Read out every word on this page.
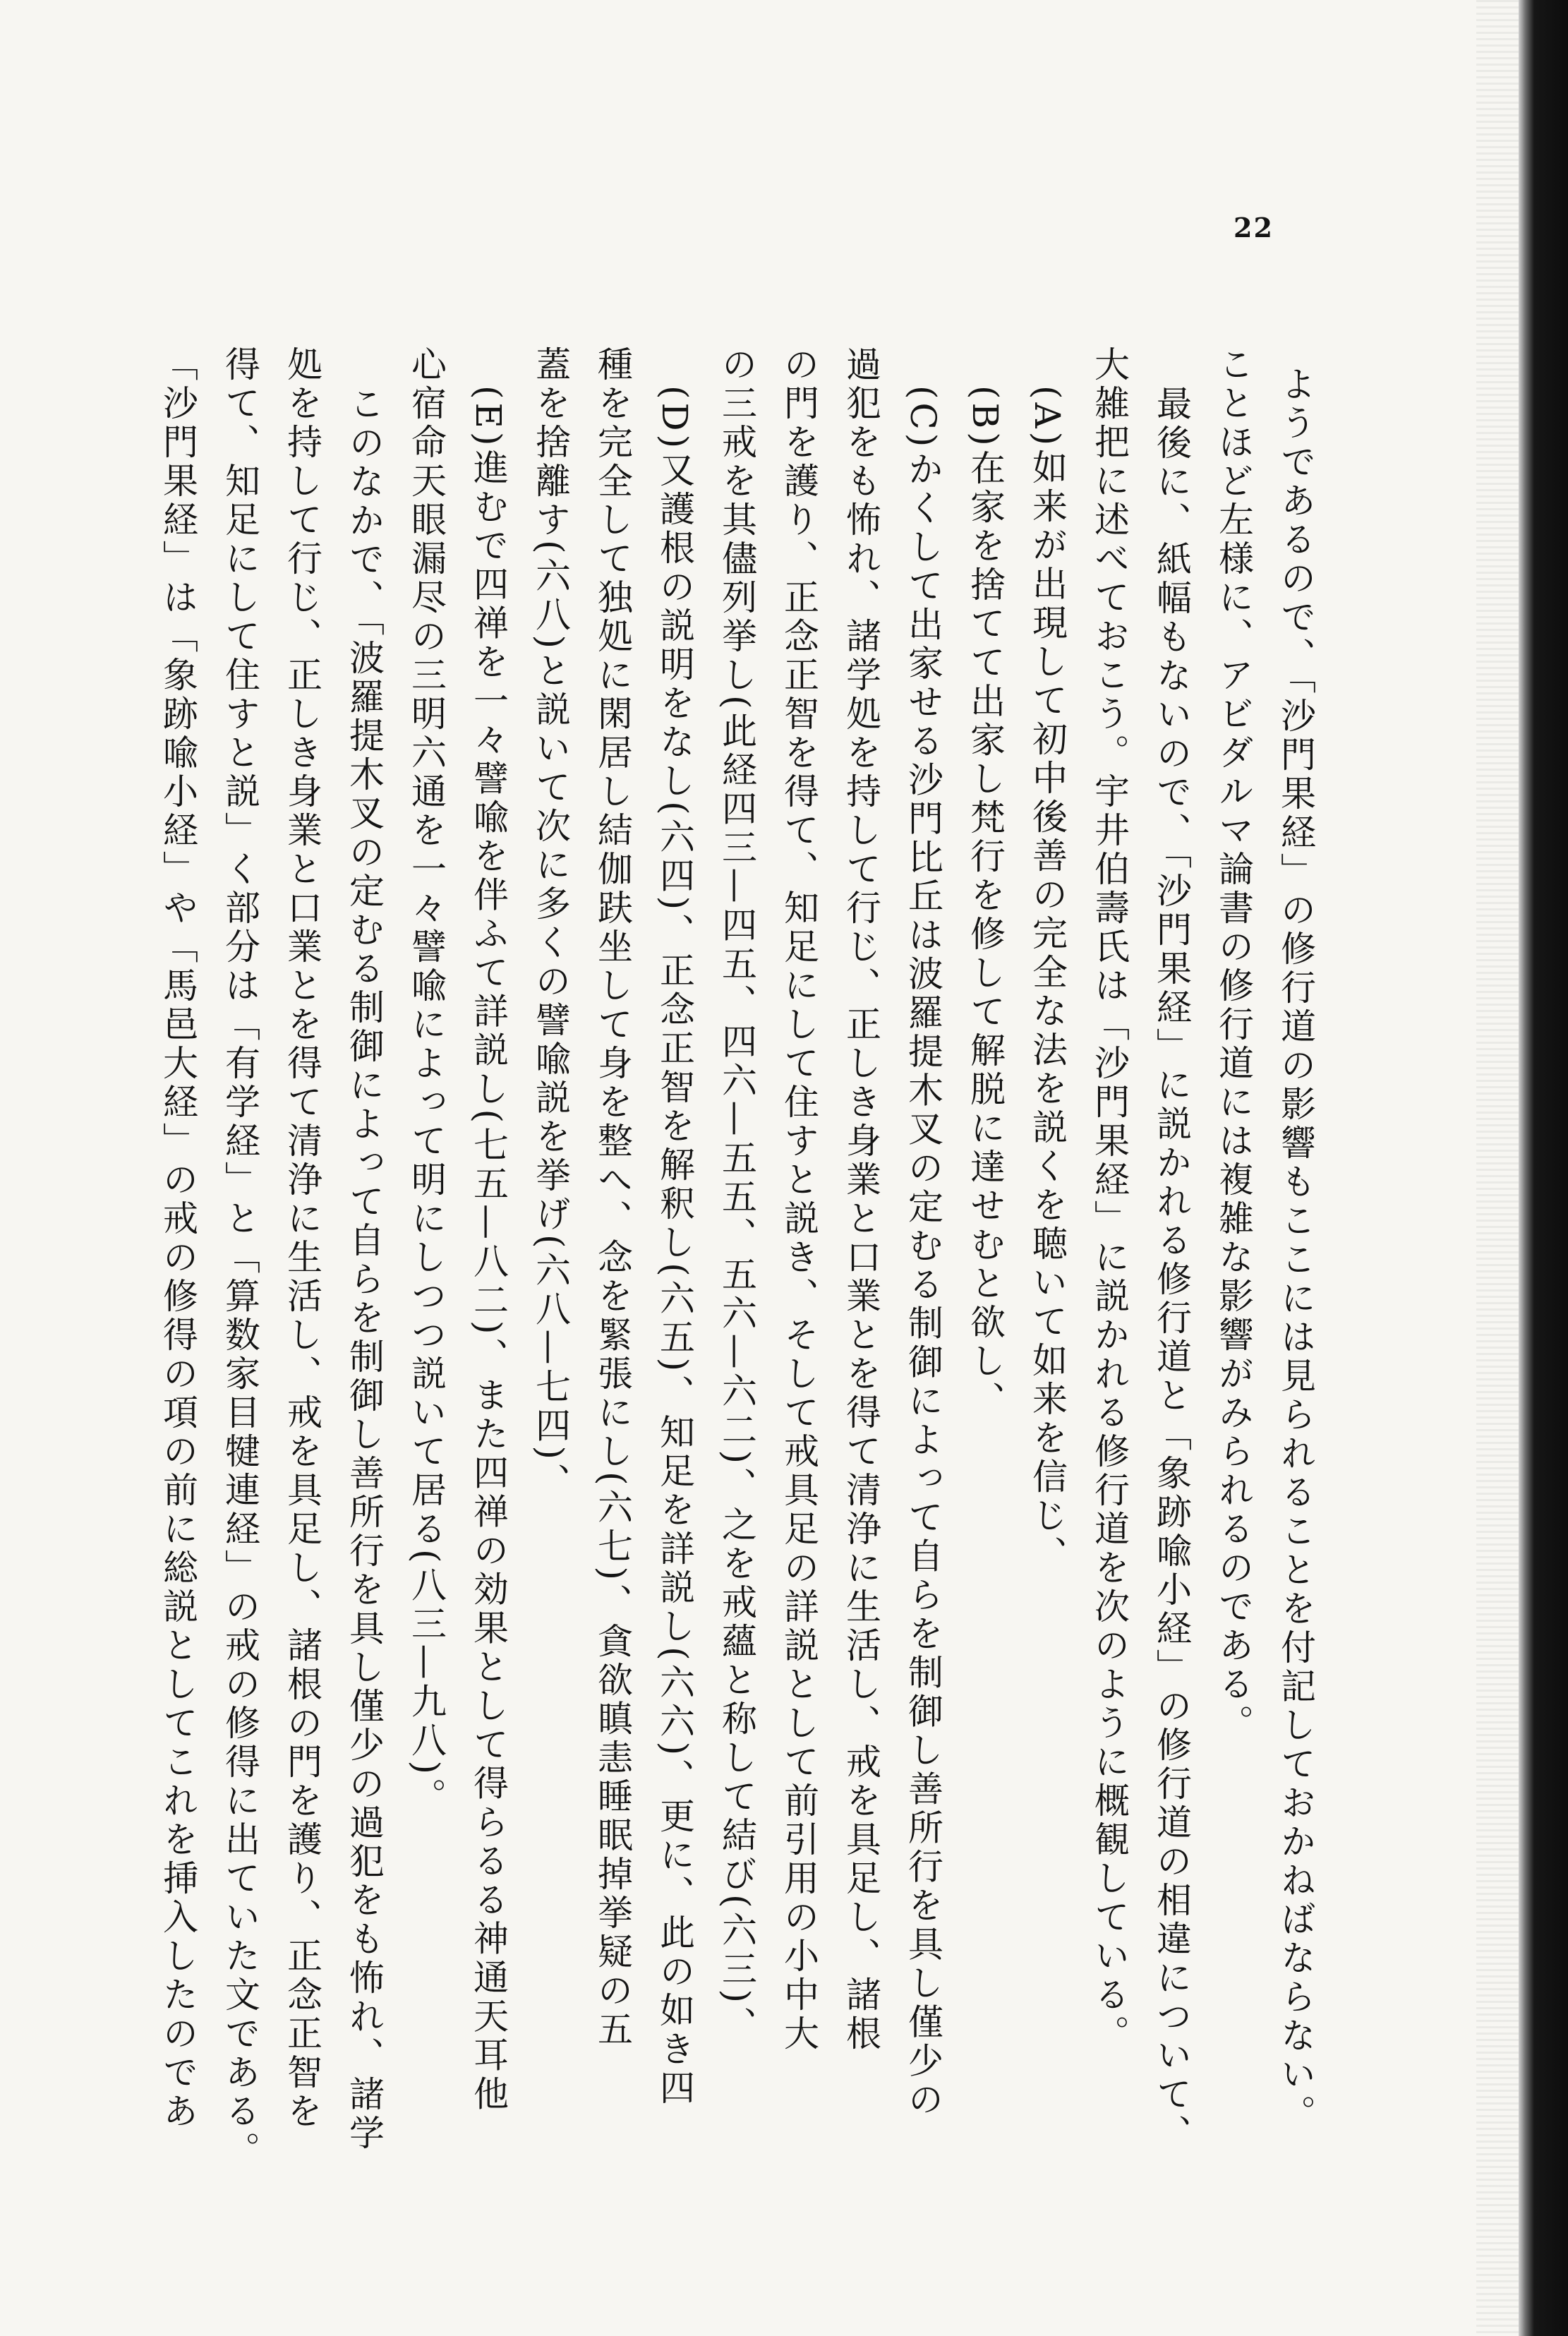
22

ようであるので、「沙門果経」の修行道の影響もここには見られることを付記しておかねばならない。

ことほど左様に、アビダルマ論書の修行道には複雑な影響がみられるのである。

最後に、紙幅もないので、「沙門果経」に説かれる修行道と「象跡喩小経」の修行道の相違について、

大雑把に述べておこう。宇井伯壽氏は「沙門果経」に説かれる修行道を次のように概観している。

(A)如来が出現して初中後善の完全な法を説くを聴いて如来を信じ、

(B)在家を捨てて出家し梵行を修して解脱に達せむと欲し、

(C)かくして出家せる沙門比丘は波羅提木叉の定むる制御によって自らを制御し善所行を具し僅少の

過犯をも怖れ、諸学処を持して行じ、正しき身業と口業とを得て清浄に生活し、戒を具足し、諸根

の門を護り、正念正智を得て、知足にして住すと説き、そして戒具足の詳説として前引用の小中大

の三戒を其儘列挙し(此経四三—四五、四六—五五、五六—六二)、之を戒蘊と称して結び(六三)、

(D)又護根の説明をなし(六四)、正念正智を解釈し(六五)、知足を詳説し(六六)、更に、此の如き四

種を完全して独処に閑居し結伽趺坐して身を整へ、念を緊張にし(六七)、貪欲瞋恚睡眠掉挙疑の五

蓋を捨離す(六八)と説いて次に多くの譬喩説を挙げ(六八—七四)、

(E)進むで四禅を一々譬喩を伴ふて詳説し(七五—八二)、また四禅の効果として得らるる神通天耳他

心宿命天眼漏尽の三明六通を一々譬喩によって明にしつつ説いて居る(八三—九八)。

このなかで、「波羅提木叉の定むる制御によって自らを制御し善所行を具し僅少の過犯をも怖れ、諸学

処を持して行じ、正しき身業と口業とを得て清浄に生活し、戒を具足し、諸根の門を護り、正念正智を

得て、知足にして住すと説」く部分は「有学経」と「算数家目犍連経」の戒の修得に出ていた文である。

「沙門果経」は「象跡喩小経」や「馬邑大経」の戒の修得の項の前に総説としてこれを挿入したのであ
